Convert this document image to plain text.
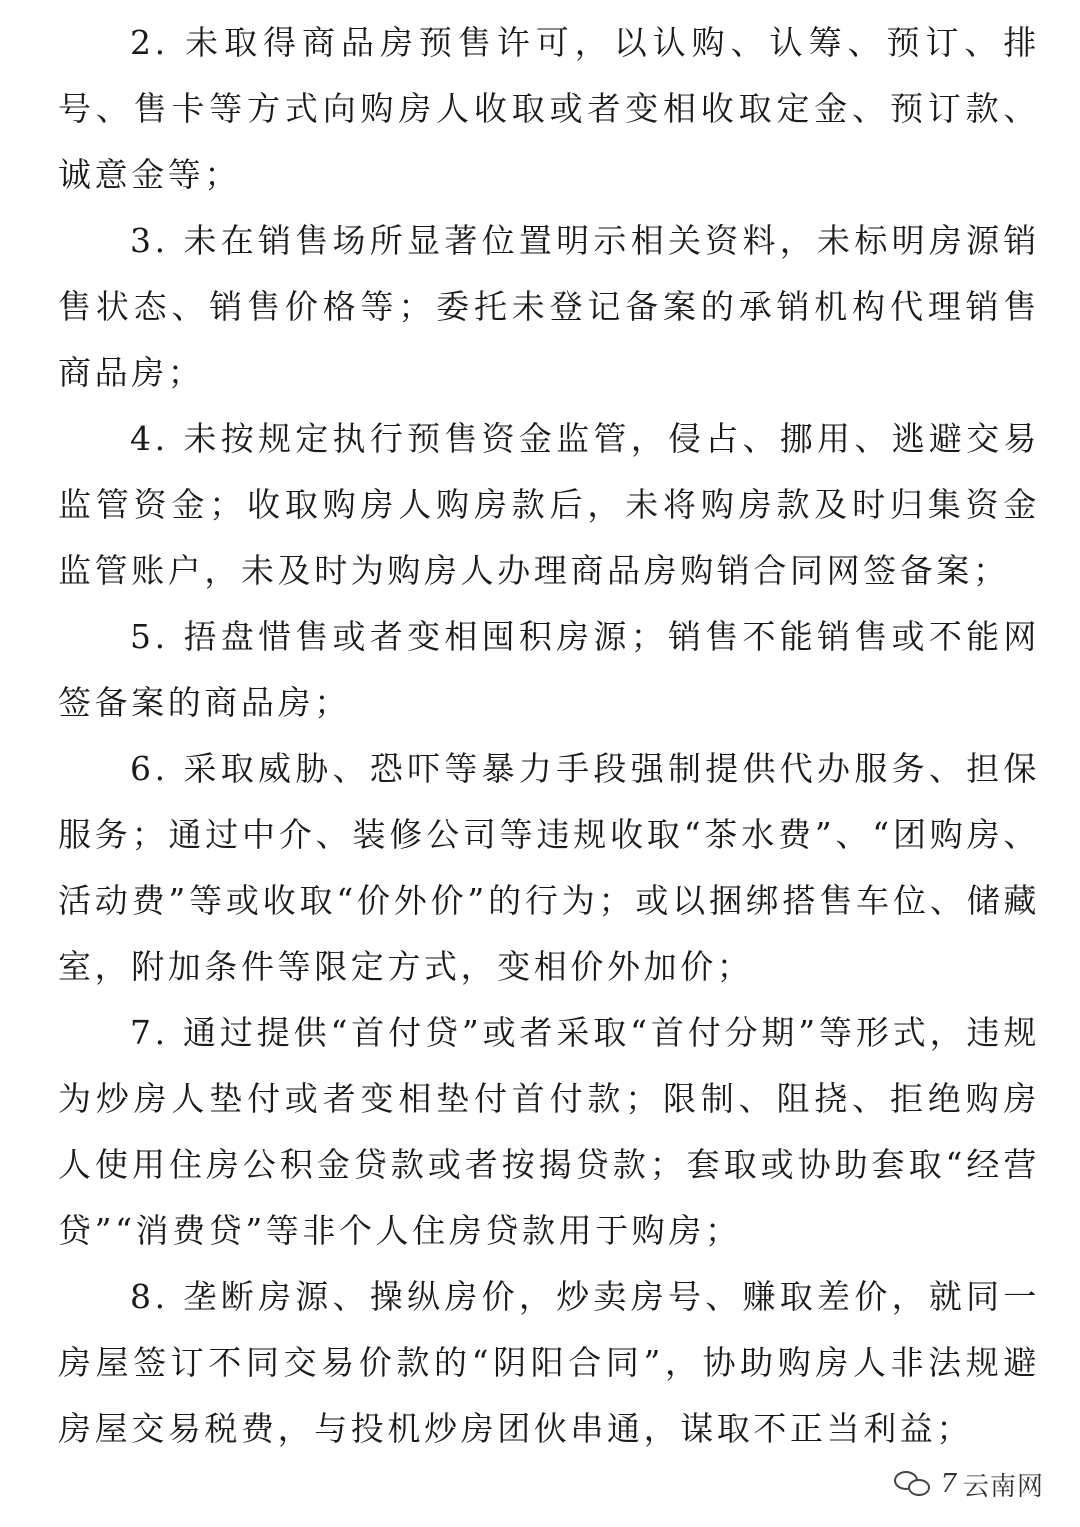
2. 未取得商品房预售许可，以认购、认筹、预订、排号、售卡等方式向购房人收取或者变相收取定金、预订款、诚意金等；

3. 未在销售场所显著位置明示相关资料，未标明房源销售状态、销售价格等；委托未登记备案的承销机构代理销售商品房；

4. 未按规定执行预售资金监管，侵占、挪用、逃避交易监管资金；收取购房人购房款后，未将购房款及时归集资金监管账户，未及时为购房人办理商品房购销合同网签备案；

5. 捂盘惜售或者变相囤积房源；销售不能销售或不能网签备案的商品房；

6. 采取威胁、恐吓等暴力手段强制提供代办服务、担保服务；通过中介、装修公司等违规收取“茶水费”、“团购房、活动费”等或收取“价外价”的行为；或以捆绑搭售车位、储藏室，附加条件等限定方式，变相价外加价；

7. 通过提供“首付贷”或者采取“首付分期”等形式，违规为炒房人垫付或者变相垫付首付款；限制、阻挠、拒绝购房人使用住房公积金贷款或者按揭贷款；套取或协助套取“经营贷”“消费贷”等非个人住房贷款用于购房；

8. 垄断房源、操纵房价，炒卖房号、赚取差价，就同一房屋签订不同交易价款的“阴阳合同”，协助购房人非法规避房屋交易税费，与投机炒房团伙串通，谋取不正当利益；

7 云南网
